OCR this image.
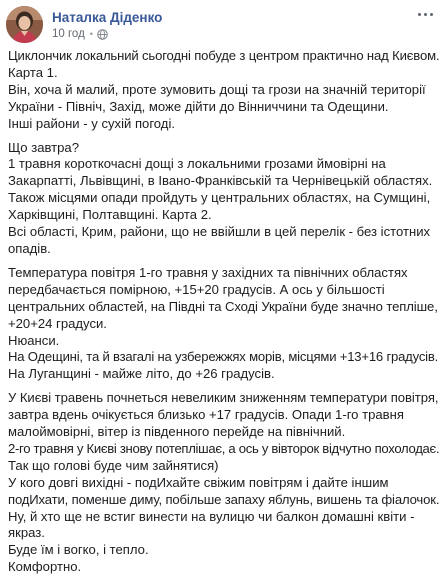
Наталка Діденко
10 год •

Циклончик локальний сьогодні побуде з центром практично над Києвом.

Карта 1.

Він, хоча й малий, проте зумовить дощі та грози на значній території

України - Північ, Захід, може дійти до Вінниччини та Одещини.

Інші райони - у сухій погоді.

Що завтра?

1 травня короткочасні дощі з локальними грозами ймовірні на

Закарпатті, Львівщині, в Івано-Франківській та Чернівецькій областях.

Також місцями опади пройдуть у центральних областях, на Сумщині,

Харківщині, Полтавщині. Карта 2.

Всі області, Крим, райони, що не ввійшли в цей перелік - без істотних

опадів.

Температура повітря 1-го травня у західних та північних областях

передбачається помірною, +15+20 градусів. А ось у більшості

центральних областей, на Півдні та Сході України буде значно тепліше,

+20+24 градуси.

Нюанси.

На Одещині, та й взагалі на узбережжях морів, місцями +13+16 градусів.

На Луганщині - майже літо, до +26 градусів.

У Києві травень почнеться невеликим зниженням температури повітря,

завтра вдень очікується близько +17 градусів. Опади 1-го травня

малоймовірні, вітер із південного перейде на північний.

2-го травня у Києві знову потеплішає, а ось у вівторок відчутно похолодає.

Так що голові буде чим зайнятися)

У кого довгі вихідні - подИхайте свіжим повітрям і дайте іншим

подИхати, поменше диму, побільше запаху яблунь, вишень та фіалочок.

Ну, й хто ще не встиг винести на вулицю чи балкон домашні квіти -

якраз.

Буде їм і вогко, і тепло.

Комфортно.
